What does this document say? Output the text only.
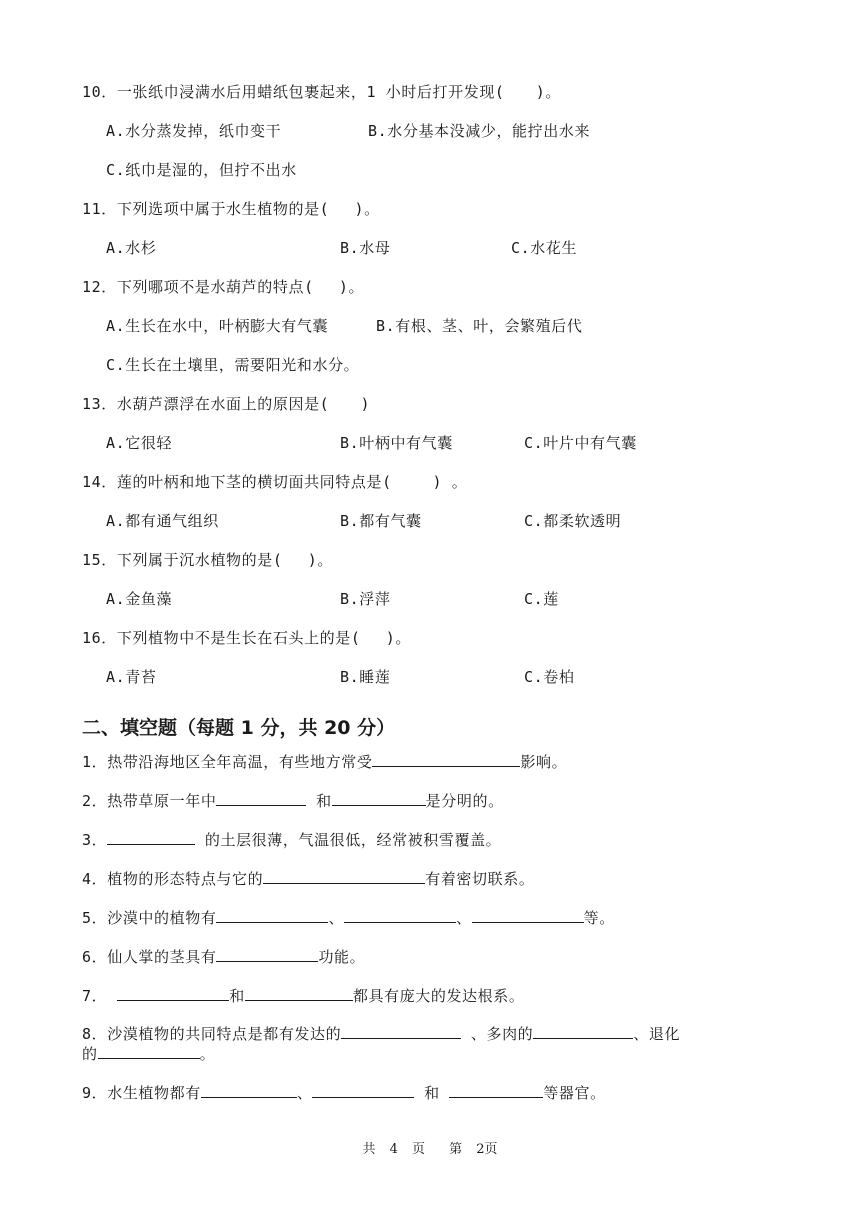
10．一张纸巾浸满水后用蜡纸包裹起来，1 小时后打开发现(　　)。
A.水分蒸发掉，纸巾变干	B.水分基本没减少，能拧出水来
C.纸巾是湿的，但拧不出水
11．下列选项中属于水生植物的是(　 )。
A.水杉	B.水母	C.水花生
12．下列哪项不是水葫芦的特点(　 )。
A.生长在水中，叶柄膨大有气囊	B.有根、茎、叶，会繁殖后代
C.生长在土壤里，需要阳光和水分。
13．水葫芦漂浮在水面上的原因是(　　)
A.它很轻	B.叶柄中有气囊	C.叶片中有气囊
14．莲的叶柄和地下茎的横切面共同特点是(　　 ) 。
A.都有通气组织	B.都有气囊	C.都柔软透明
15．下列属于沉水植物的是(　 )。
A.金鱼藻	B.浮萍	C.莲
16．下列植物中不是生长在石头上的是(　 )。
A.青苔	B.睡莲	C.卷柏
二、填空题（每题 1 分，共 20 分）
1．热带沿海地区全年高温，有些地方常受	影响。
2．热带草原一年中	和	是分明的。
3．	的土层很薄，气温很低，经常被积雪覆盖。
4．植物的形态特点与它的	有着密切联系。
5．沙漠中的植物有	、	、	等。
6．仙人掌的茎具有	功能。
7．	和	都具有庞大的发达根系。
8．沙漠植物的共同特点是都有发达的	、多肉的	、退化
的	。
9．水生植物都有	、	和	等器官。
共 4 页 第 2页
